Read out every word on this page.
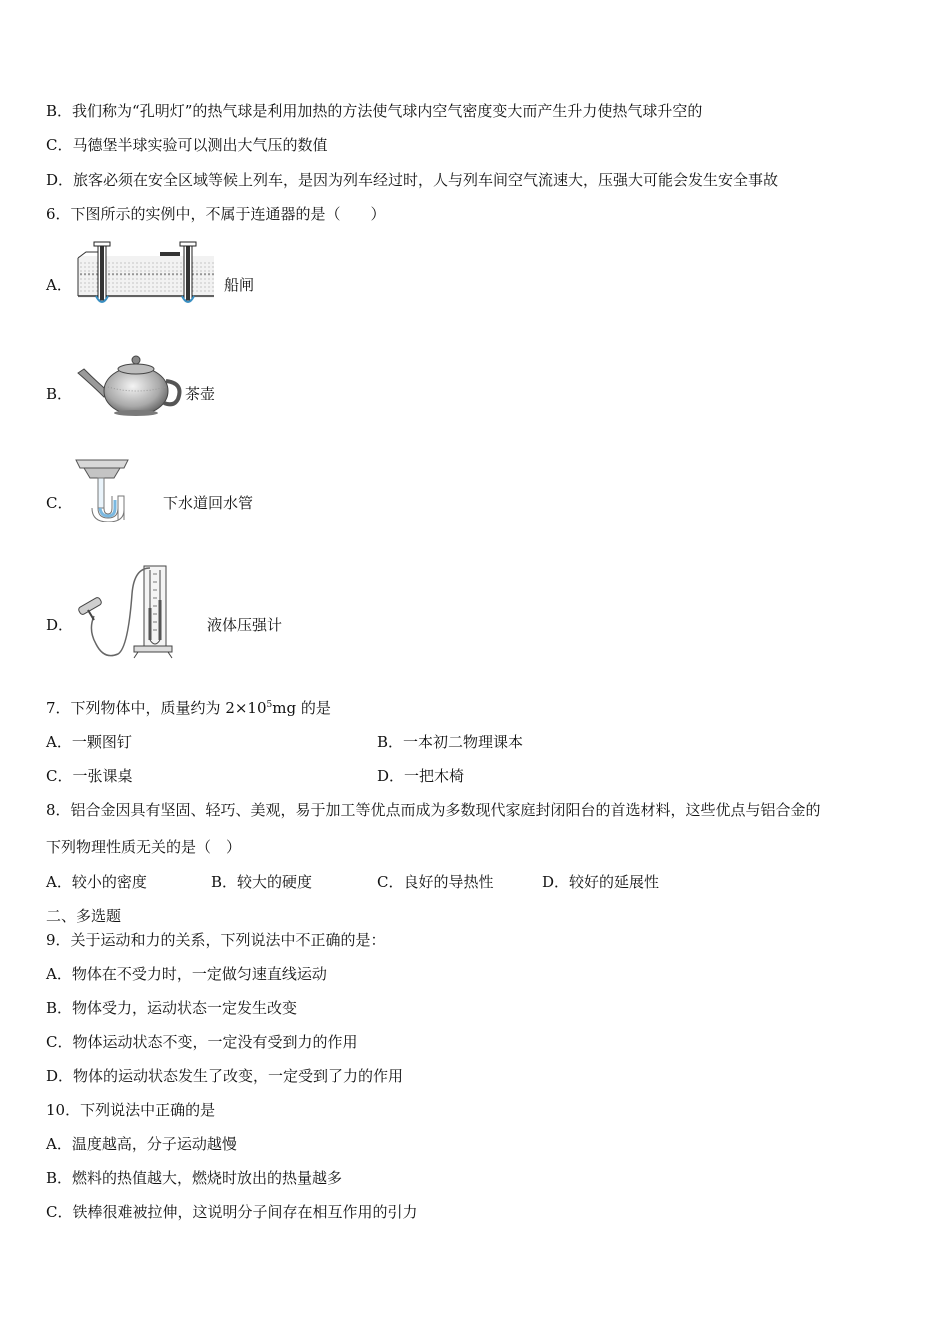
B．我们称为“孔明灯”的热气球是利用加热的方法使气球内空气密度变大而产生升力使热气球升空的
C．马德堡半球实验可以测出大气压的数值
D．旅客必须在安全区域等候上列车，是因为列车经过时，人与列车间空气流速大，压强大可能会发生安全事故
6．下图所示的实例中，不属于连通器的是（　　）
A．	船闸
B．	茶壶
C．	下水道回水管
D．	液体压强计
7．下列物体中，质量约为 $2\times 10^5mg$ 的是
A．一颗图钉	B．一本初二物理课本
C．一张课桌	D．一把木椅
8．铝合金因具有坚固、轻巧、美观，易于加工等优点而成为多数现代家庭封闭阳台的首选材料，这些优点与铝合金的
下列物理性质无关的是（　）
A．较小的密度	B．较大的硬度	C．良好的导热性	D．较好的延展性
二、多选题
9．关于运动和力的关系，下列说法中不正确的是：
A．物体在不受力时，一定做匀速直线运动
B．物体受力，运动状态一定发生改变
C．物体运动状态不变，一定没有受到力的作用
D．物体的运动状态发生了改变，一定受到了力的作用
10．下列说法中正确的是
A．温度越高，分子运动越慢
B．燃料的热值越大，燃烧时放出的热量越多
C．铁棒很难被拉伸，这说明分子间存在相互作用的引力
